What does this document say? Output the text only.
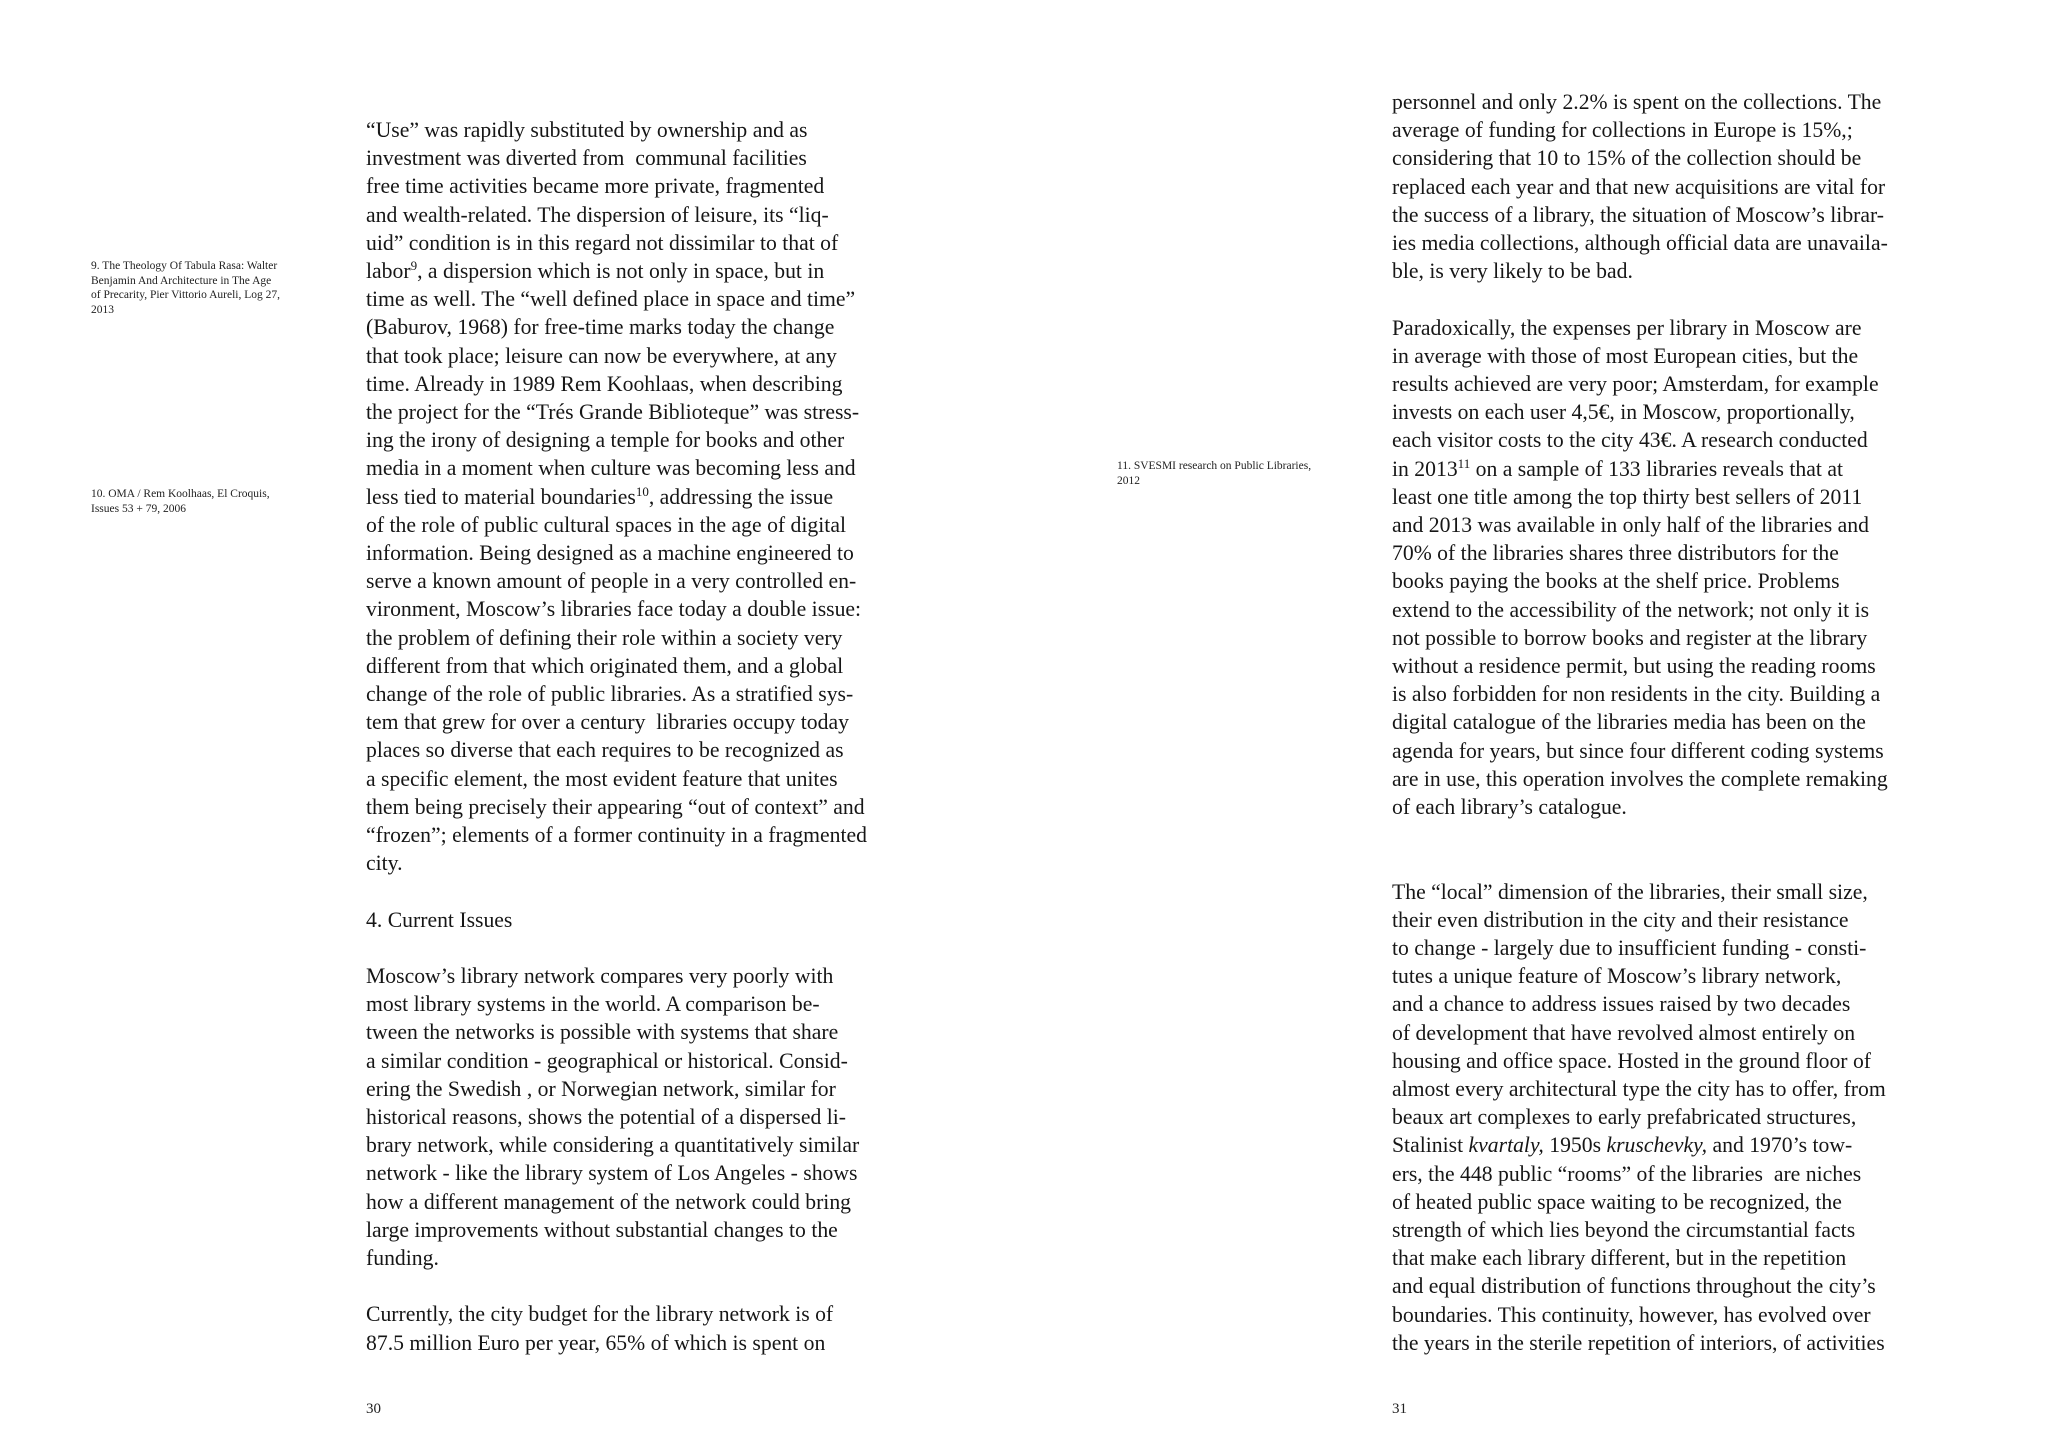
9. The Theology Of Tabula Rasa: Walter
Benjamin And Architecture in The Age
of Precarity, Pier Vittorio Aureli, Log 27,
2013
10. OMA / Rem Koolhaas, El Croquis,
Issues 53 + 79, 2006
“Use” was rapidly substituted by ownership and as
investment was diverted from  communal facilities
free time activities became more private, fragmented
and wealth-related. The dispersion of leisure, its “liq-
uid” condition is in this regard not dissimilar to that of
labor$^9$, a dispersion which is not only in space, but in
time as well. The “well defined place in space and time”
(Baburov, 1968) for free-time marks today the change
that took place; leisure can now be everywhere, at any
time. Already in 1989 Rem Koohlaas, when describing
the project for the “Trés Grande Biblioteque” was stress-
ing the irony of designing a temple for books and other
media in a moment when culture was becoming less and
less tied to material boundaries$^{10}$, addressing the issue
of the role of public cultural spaces in the age of digital
information. Being designed as a machine engineered to
serve a known amount of people in a very controlled en-
vironment, Moscow’s libraries face today a double issue:
the problem of defining their role within a society very
different from that which originated them, and a global
change of the role of public libraries. As a stratified sys-
tem that grew for over a century  libraries occupy today
places so diverse that each requires to be recognized as
a specific element, the most evident feature that unites
them being precisely their appearing “out of context” and
“frozen”; elements of a former continuity in a fragmented
city.
4. Current Issues
Moscow’s library network compares very poorly with
most library systems in the world. A comparison be-
tween the networks is possible with systems that share
a similar condition - geographical or historical. Consid-
ering the Swedish , or Norwegian network, similar for
historical reasons, shows the potential of a dispersed li-
brary network, while considering a quantitatively similar
network - like the library system of Los Angeles - shows
how a different management of the network could bring
large improvements without substantial changes to the
funding.
Currently, the city budget for the library network is of
87.5 million Euro per year, 65% of which is spent on
30
11. SVESMI research on Public Libraries,
2012
personnel and only 2.2% is spent on the collections. The
average of funding for collections in Europe is 15%,;
considering that 10 to 15% of the collection should be
replaced each year and that new acquisitions are vital for
the success of a library, the situation of Moscow’s librar-
ies media collections, although official data are unavaila-
ble, is very likely to be bad.
Paradoxically, the expenses per library in Moscow are
in average with those of most European cities, but the
results achieved are very poor; Amsterdam, for example
invests on each user 4,5€, in Moscow, proportionally,
each visitor costs to the city 43€. A research conducted
in 2013$^{11}$ on a sample of 133 libraries reveals that at
least one title among the top thirty best sellers of 2011
and 2013 was available in only half of the libraries and
70% of the libraries shares three distributors for the
books paying the books at the shelf price. Problems
extend to the accessibility of the network; not only it is
not possible to borrow books and register at the library
without a residence permit, but using the reading rooms
is also forbidden for non residents in the city. Building a
digital catalogue of the libraries media has been on the
agenda for years, but since four different coding systems
are in use, this operation involves the complete remaking
of each library’s catalogue.
The “local” dimension of the libraries, their small size,
their even distribution in the city and their resistance
to change - largely due to insufficient funding - consti-
tutes a unique feature of Moscow’s library network,
and a chance to address issues raised by two decades
of development that have revolved almost entirely on
housing and office space. Hosted in the ground floor of
almost every architectural type the city has to offer, from
beaux art complexes to early prefabricated structures,
Stalinist kvartaly, 1950s kruschevky, and 1970’s tow-
ers, the 448 public “rooms” of the libraries  are niches
of heated public space waiting to be recognized, the
strength of which lies beyond the circumstantial facts
that make each library different, but in the repetition
and equal distribution of functions throughout the city’s
boundaries. This continuity, however, has evolved over
the years in the sterile repetition of interiors, of activities
31
